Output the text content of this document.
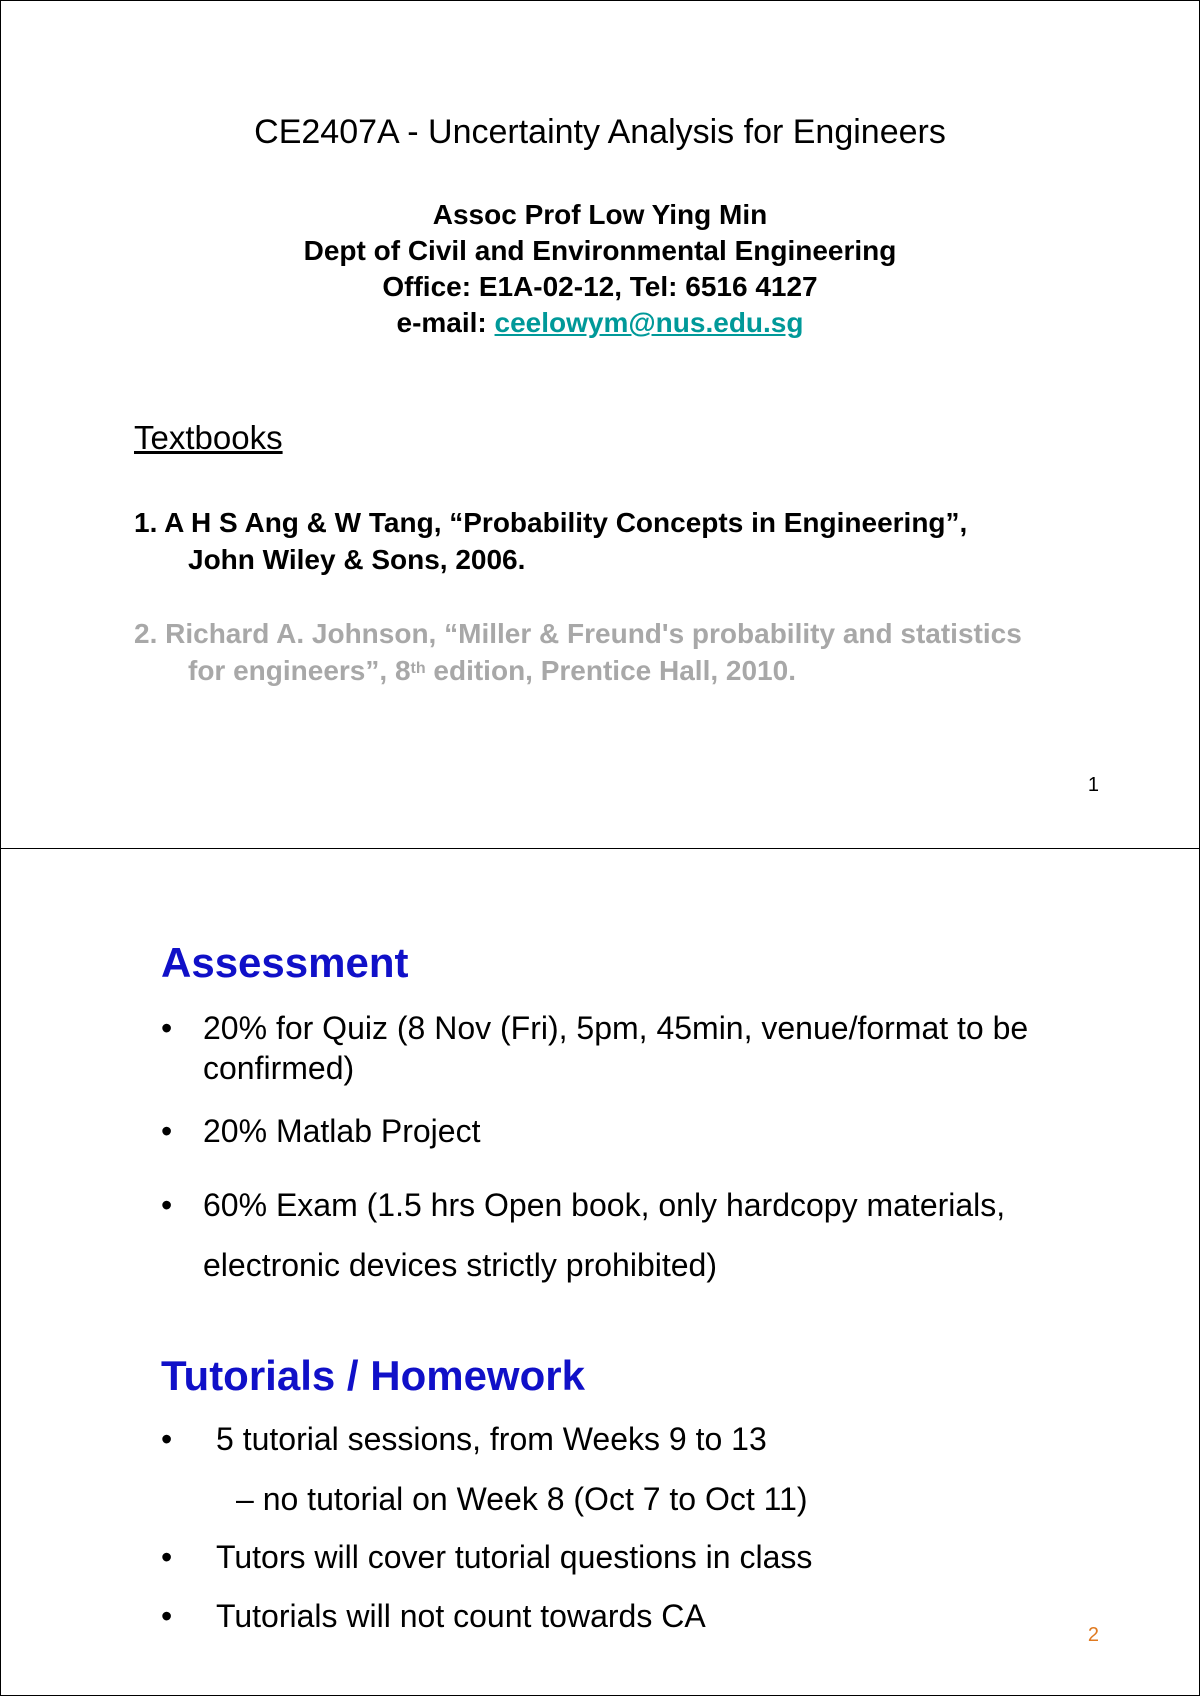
CE2407A - Uncertainty Analysis for Engineers
Assoc Prof Low Ying Min
Dept of Civil and Environmental Engineering
Office: E1A-02-12, Tel: 6516 4127
e-mail: ceelowym@nus.edu.sg
Textbooks
1. A H S Ang & W Tang, “Probability Concepts in Engineering”,
John Wiley & Sons, 2006.
2. Richard A. Johnson, “Miller & Freund's probability and statistics
for engineers”, 8th edition, Prentice Hall, 2010.
1
Assessment
• 20% for Quiz (8 Nov (Fri), 5pm, 45min, venue/format to be
confirmed)
• 20% Matlab Project
• 60% Exam (1.5 hrs Open book, only hardcopy materials,
electronic devices strictly prohibited)
Tutorials / Homework
• 5 tutorial sessions, from Weeks 9 to 13
– no tutorial on Week 8 (Oct 7 to Oct 11)
• Tutors will cover tutorial questions in class
• Tutorials will not count towards CA
2
